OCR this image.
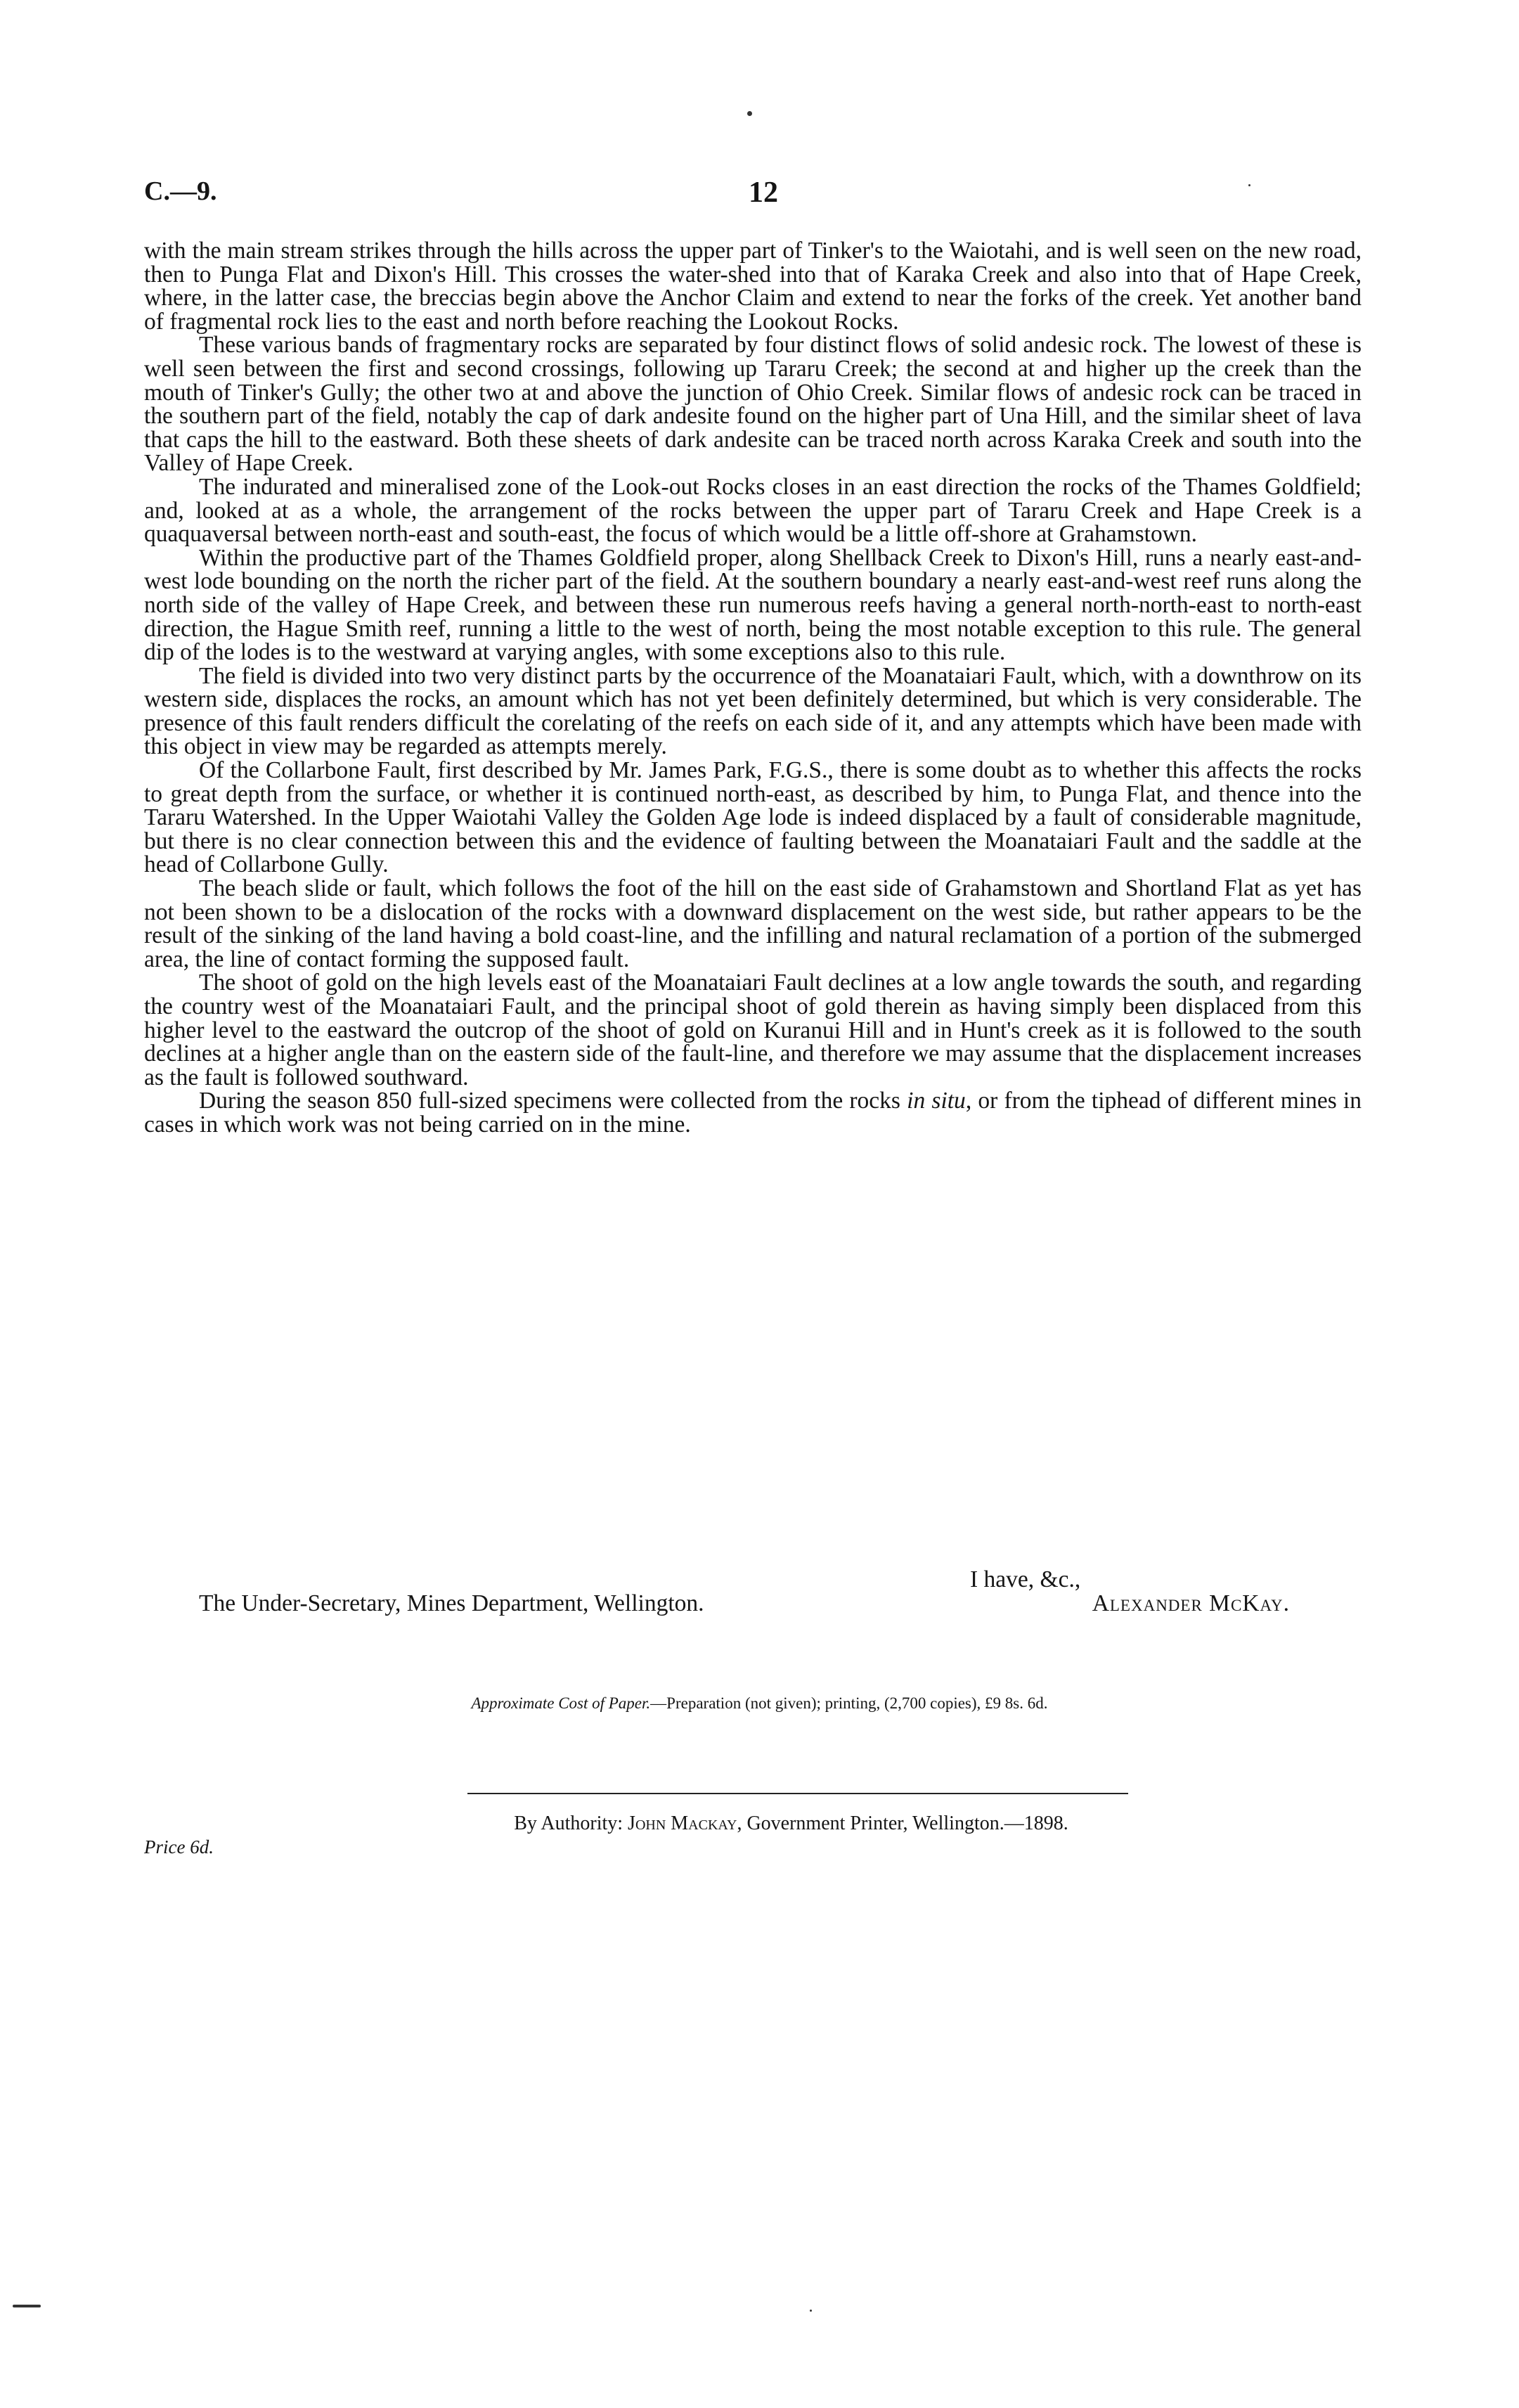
C.—9.	12

with the main stream strikes through the hills across the upper part of Tinker's to the Waiotahi, and is well seen on the new road, then to Punga Flat and Dixon's Hill. This crosses the water-shed into that of Karaka Creek and also into that of Hape Creek, where, in the latter case, the breccias begin above the Anchor Claim and extend to near the forks of the creek. Yet another band of fragmental rock lies to the east and north before reaching the Lookout Rocks.

These various bands of fragmentary rocks are separated by four distinct flows of solid andesic rock. The lowest of these is well seen between the first and second crossings, following up Tararu Creek; the second at and higher up the creek than the mouth of Tinker's Gully; the other two at and above the junction of Ohio Creek. Similar flows of andesic rock can be traced in the southern part of the field, notably the cap of dark andesite found on the higher part of Una Hill, and the similar sheet of lava that caps the hill to the eastward. Both these sheets of dark andesite can be traced north across Karaka Creek and south into the Valley of Hape Creek.

The indurated and mineralised zone of the Look-out Rocks closes in an east direction the rocks of the Thames Goldfield; and, looked at as a whole, the arrangement of the rocks between the upper part of Tararu Creek and Hape Creek is a quaquaversal between north-east and south-east, the focus of which would be a little off-shore at Grahamstown.

Within the productive part of the Thames Goldfield proper, along Shellback Creek to Dixon's Hill, runs a nearly east-and-west lode bounding on the north the richer part of the field. At the southern boundary a nearly east-and-west reef runs along the north side of the valley of Hape Creek, and between these run numerous reefs having a general north-north-east to north-east direction, the Hague Smith reef, running a little to the west of north, being the most notable exception to this rule. The general dip of the lodes is to the westward at varying angles, with some exceptions also to this rule.

The field is divided into two very distinct parts by the occurrence of the Moanataiari Fault, which, with a downthrow on its western side, displaces the rocks, an amount which has not yet been definitely determined, but which is very considerable. The presence of this fault renders difficult the corelating of the reefs on each side of it, and any attempts which have been made with this object in view may be regarded as attempts merely.

Of the Collarbone Fault, first described by Mr. James Park, F.G.S., there is some doubt as to whether this affects the rocks to great depth from the surface, or whether it is continued north-east, as described by him, to Punga Flat, and thence into the Tararu Watershed. In the Upper Waiotahi Valley the Golden Age lode is indeed displaced by a fault of considerable magnitude, but there is no clear connection between this and the evidence of faulting between the Moanataiari Fault and the saddle at the head of Collarbone Gully.

The beach slide or fault, which follows the foot of the hill on the east side of Grahamstown and Shortland Flat as yet has not been shown to be a dislocation of the rocks with a downward displacement on the west side, but rather appears to be the result of the sinking of the land having a bold coast-line, and the infilling and natural reclamation of a portion of the submerged area, the line of contact forming the supposed fault.

The shoot of gold on the high levels east of the Moanataiari Fault declines at a low angle towards the south, and regarding the country west of the Moanataiari Fault, and the principal shoot of gold therein as having simply been displaced from this higher level to the eastward the outcrop of the shoot of gold on Kuranui Hill and in Hunt's creek as it is followed to the south declines at a higher angle than on the eastern side of the fault-line, and therefore we may assume that the displacement increases as the fault is followed southward.

During the season 850 full-sized specimens were collected from the rocks in situ, or from the tiphead of different mines in cases in which work was not being carried on in the mine.

I have, &c.,
The Under-Secretary, Mines Department, Wellington.	Alexander McKay.
Approximate Cost of Paper.—Preparation (not given); printing, (2,700 copies), £9 8s. 6d.
By Authority: John Mackay, Government Printer, Wellington.—1898.
Price 6d.
